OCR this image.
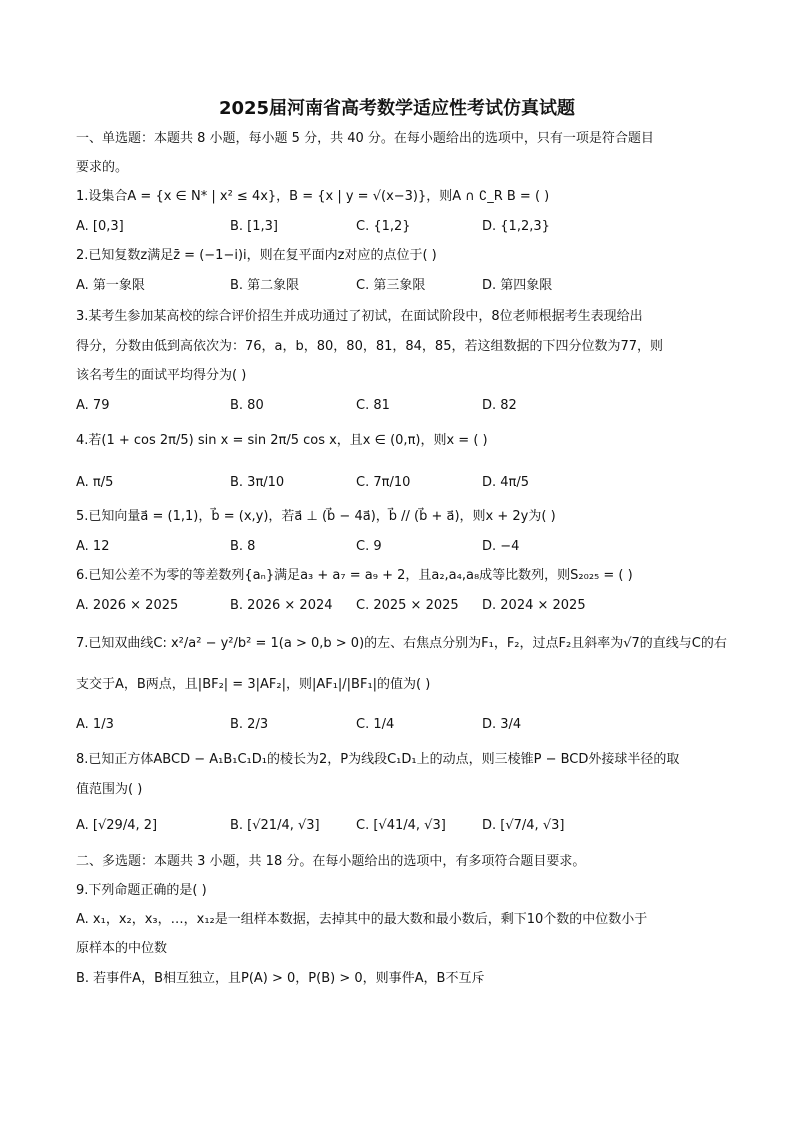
2025届河南省高考数学适应性考试仿真试题
一、单选题：本题共 8 小题，每小题 5 分，共 40 分。在每小题给出的选项中，只有一项是符合题目
要求的。
1.设集合A = {x ∈ N* | x² ≤ 4x}，B = {x | y = √(x−3)}，则A ∩ ∁_R B = ( )
A. [0,3]	B. [1,3]	C. {1,2}	D. {1,2,3}
2.已知复数z满足z̄ = (−1−i)i，则在复平面内z对应的点位于( )
A. 第一象限	B. 第二象限	C. 第三象限	D. 第四象限
3.某考生参加某高校的综合评价招生并成功通过了初试，在面试阶段中，8位老师根据考生表现给出
得分，分数由低到高依次为：76，a，b，80，80，81，84，85，若这组数据的下四分位数为77，则
该名考生的面试平均得分为( )
A. 79	B. 80	C. 81	D. 82
4.若(1 + cos 2π/5) sin x = sin 2π/5 cos x，且x ∈ (0,π)，则x = ( )
A. π/5	B. 3π/10	C. 7π/10	D. 4π/5
5.已知向量a⃗ = (1,1)，b⃗ = (x,y)，若a⃗ ⊥ (b⃗ − 4a⃗)，b⃗ // (b⃗ + a⃗)，则x + 2y为( )
A. 12	B. 8	C. 9	D. −4
6.已知公差不为零的等差数列{aₙ}满足a₃ + a₇ = a₉ + 2，且a₂,a₄,a₈成等比数列，则S₂₀₂₅ = ( )
A. 2026 × 2025	B. 2026 × 2024 C. 2025 × 2025 D. 2024 × 2025
7.已知双曲线C: x²/a² − y²/b² = 1(a > 0,b > 0)的左、右焦点分别为F₁，F₂，过点F₂且斜率为√7的直线与C的右
支交于A，B两点，且|BF₂| = 3|AF₂|，则|AF₁|/|BF₁|的值为( )
A. 1/3	B. 2/3	C. 1/4	D. 3/4
8.已知正方体ABCD − A₁B₁C₁D₁的棱长为2，P为线段C₁D₁上的动点，则三棱锥P − BCD外接球半径的取
值范围为( )
A. [√29/4, 2]	B. [√21/4, √3]	C. [√41/4, √3]	D. [√7/4, √3]
二、多选题：本题共 3 小题，共 18 分。在每小题给出的选项中，有多项符合题目要求。
9.下列命题正确的是( )
A. x₁，x₂，x₃，…，x₁₂是一组样本数据，去掉其中的最大数和最小数后，剩下10个数的中位数小于
原样本的中位数
B. 若事件A，B相互独立，且P(A) > 0，P(B) > 0，则事件A，B不互斥
